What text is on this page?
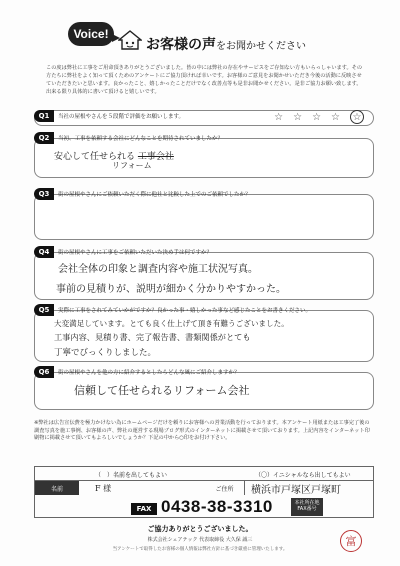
Voice!
お客様の声をお聞かせください
この度は弊社に工事をご用命頂きありがとうございました。皆の中には弊社の存在やサービスをご存知ない方もいらっしゃいます。その方たちに弊社をよく知って頂くためのアンケートにご協力頂ければ幸いです。お客様のご意見をお聞かせいただき今後の活動に反映させていただきたいと思います。良かったこと、嬉しかったことだけでなく改善点等も是非お聞かせください。是非ご協力お願い致します。出来る限り具体的に書いて頂けると嬉しいです。
Q1	当社の屋根やさんを５段階で評価をお願いします。	☆ ☆ ☆ ☆ ☆
Q2	当初、工事を依頼する会社にどんなことを期待されていましたか？
安心して任せられる 工事会社
リフォーム
Q3	街の屋根やさんにご依頼いただく際に他社と比較した上でのご依頼でしたか？
Q4	街の屋根やさんに工事をご依頼いただいた決め手は何ですか？
会社全体の印象と調査内容や施工状況写真。
事前の見積りが、説明が細かく分かりやすかった。
Q5	実際に工事をされてみていかがですか？良かった事・嬉しかった事など感じたことをお書きください。
大変満足しています。とても良く仕上げて頂き有難うございました。
工事内容、見積り書、完了報告書、書類関係がとても
丁寧でびっくりしました。
Q6	街の屋根やさんを他の方に紹介するとしたらどんな風にご紹介しますか？
信頼して任せられるリフォーム会社
※弊社は広告宣伝費を極力かけない為にホームページだけを頼りにお客様への営業活動を行っております。本アンケート用紙または工事完了後の調査写真を施工事例、お客様の声、弊社の運営する現場ブログ形式のインターネットに掲載させて頂いております。上記内容をインターネット印刷物に掲載させて頂いてもよろしいでしょうか？下記の中から○印をお付け下さい。
（　）名前を出してもよい	（〇）イニシャルなら出してもよい
名前	F 様	ご住所	横浜市戸塚区戸塚町
FAX 0438-38-3310	本社所在地 FAX番号
ご協力ありがとうございました。
株式会社シェアテック 代表取締役 大久保 誠三
当アンケートで取得したお客様の個人情報は弊社方針に基づき厳重に管理いたします。
富
